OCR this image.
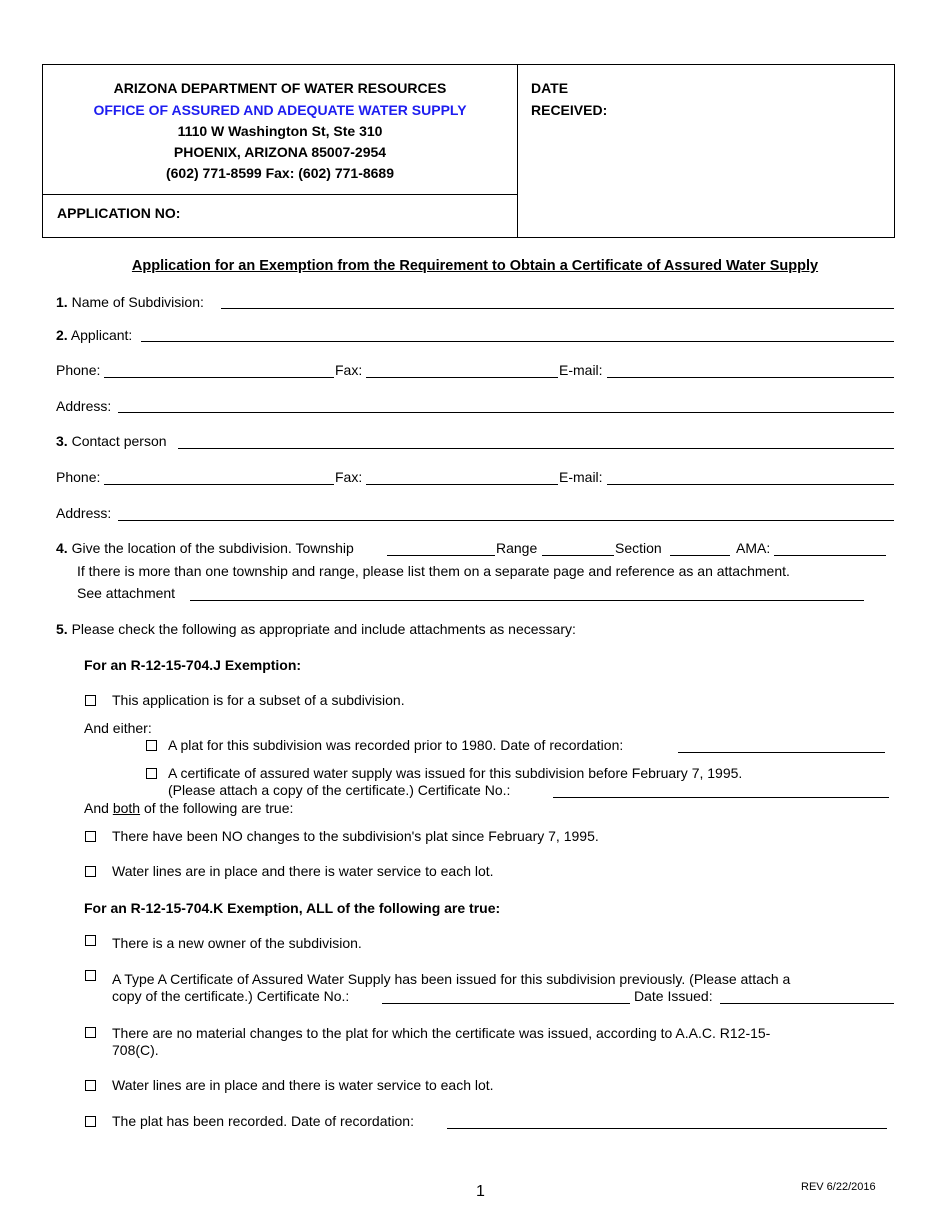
ARIZONA DEPARTMENT OF WATER RESOURCES
OFFICE OF ASSURED AND ADEQUATE WATER SUPPLY
1110 W Washington St, Ste 310
PHOENIX, ARIZONA 85007-2954
(602) 771-8599 Fax: (602) 771-8689
APPLICATION NO:
DATE
RECEIVED:
Application for an Exemption from the Requirement to Obtain a Certificate of Assured Water Supply
1. Name of Subdivision:
2. Applicant:
Phone:	Fax:	E-mail:
Address:
3. Contact person
Phone:	Fax:	E-mail:
Address:
4. Give the location of the subdivision. Township	Range	Section	AMA:
If there is more than one township and range, please list them on a separate page and reference as an attachment.
See attachment
5. Please check the following as appropriate and include attachments as necessary:
For an R-12-15-704.J Exemption:
This application is for a subset of a subdivision.
And either:
A plat for this subdivision was recorded prior to 1980. Date of recordation:
A certificate of assured water supply was issued for this subdivision before February 7, 1995.
(Please attach a copy of the certificate.) Certificate No.:
And both of the following are true:
There have been NO changes to the subdivision's plat since February 7, 1995.
Water lines are in place and there is water service to each lot.
For an R-12-15-704.K Exemption, ALL of the following are true:
There is a new owner of the subdivision.
A Type A Certificate of Assured Water Supply has been issued for this subdivision previously. (Please attach a
copy of the certificate.) Certificate No.:	Date Issued:
There are no material changes to the plat for which the certificate was issued, according to A.A.C. R12-15-
708(C).
Water lines are in place and there is water service to each lot.
The plat has been recorded. Date of recordation:
1	REV 6/22/2016
